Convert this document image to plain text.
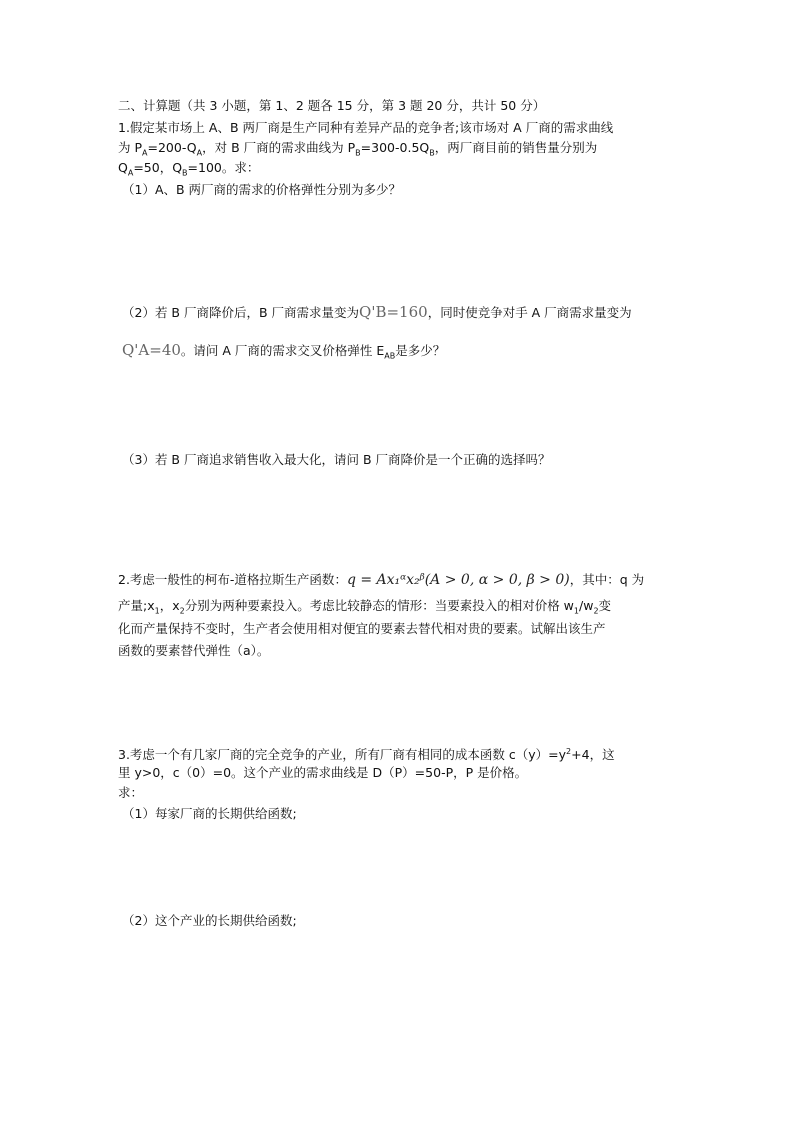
二、计算题（共 3 小题，第 1、2 题各 15 分，第 3 题 20 分，共计 50 分）
1.假定某市场上 A、B 两厂商是生产同种有差异产品的竞争者;该市场对 A 厂商的需求曲线
为 $P_A=200-Q_A$，对 B 厂商的需求曲线为 $P_B=300-0.5Q_B$，两厂商目前的销售量分别为
$Q_A=50$，$Q_B=100$。求：
（1）A、B 两厂商的需求的价格弹性分别为多少？
（2）若 B 厂商降价后，B 厂商需求量变为Q'B=160，同时使竞争对手 A 厂商需求量变为
Q'A=40。请问 A 厂商的需求交叉价格弹性 $E_{AB}$是多少？
（3）若 B 厂商追求销售收入最大化，请问 B 厂商降价是一个正确的选择吗？
2.考虑一般性的柯布-道格拉斯生产函数：q = Ax₁ᵅx₂ᵝ(A > 0, α > 0, β > 0)，其中：q 为
产量$;x_1$，$x_2$分别为两种要素投入。考虑比较静态的情形：当要素投入的相对价格 $w_1/w_2$变
化而产量保持不变时，生产者会使用相对便宜的要素去替代相对贵的要素。试解出该生产
函数的要素替代弹性（a）。
3.考虑一个有几家厂商的完全竞争的产业，所有厂商有相同的成本函数 $c(y)=y^2+4$，这
里 y>0，c（0）=0。这个产业的需求曲线是 D（P）=50-P，P 是价格。
求：
（1）每家厂商的长期供给函数;
（2）这个产业的长期供给函数;
